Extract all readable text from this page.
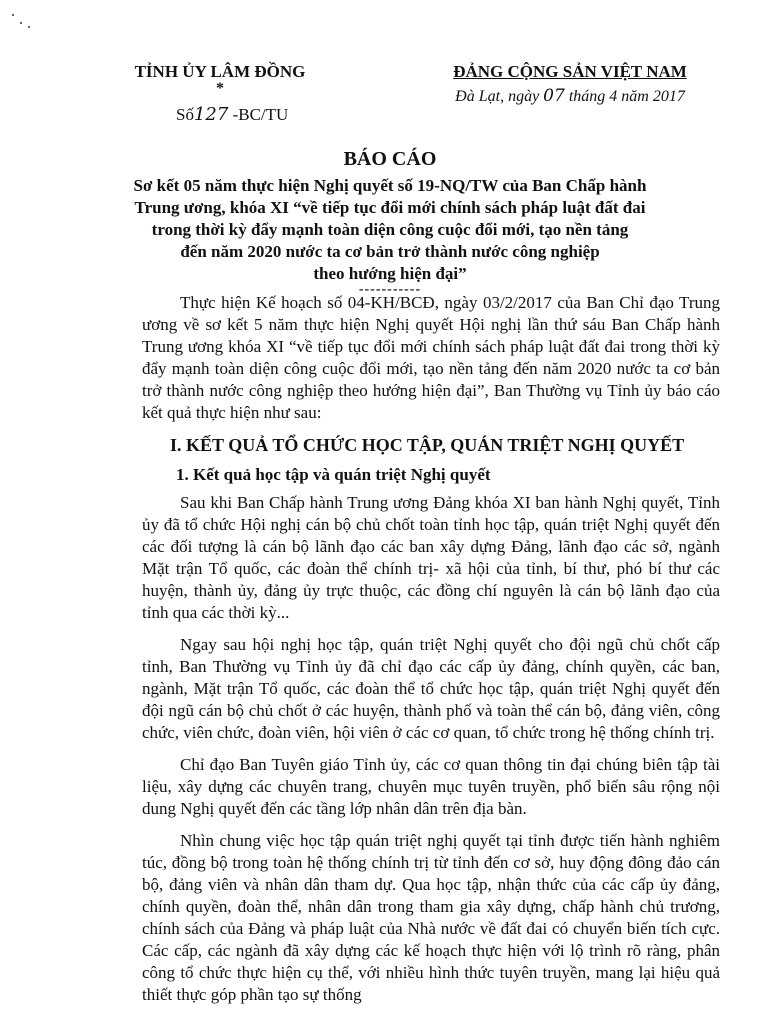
TỈNH ỦY LÂM ĐỒNG
*
Số127 -BC/TU
ĐẢNG CỘNG SẢN VIỆT NAM
Đà Lạt, ngày 07 tháng 4 năm 2017
BÁO CÁO
Sơ kết 05 năm thực hiện Nghị quyết số 19-NQ/TW của Ban Chấp hành
Trung ương, khóa XI “về tiếp tục đổi mới chính sách pháp luật đất đai
trong thời kỳ đẩy mạnh toàn diện công cuộc đổi mới, tạo nền tảng
đến năm 2020 nước ta cơ bản trở thành nước công nghiệp
theo hướng hiện đại”
-----------

Thực hiện Kế hoạch số 04-KH/BCĐ, ngày 03/2/2017 của Ban Chỉ đạo Trung ương về sơ kết 5 năm thực hiện Nghị quyết Hội nghị lần thứ sáu Ban Chấp hành Trung ương khóa XI “về tiếp tục đổi mới chính sách pháp luật đất đai trong thời kỳ đẩy mạnh toàn diện công cuộc đổi mới, tạo nền tảng đến năm 2020 nước ta cơ bản trở thành nước công nghiệp theo hướng hiện đại”, Ban Thường vụ Tỉnh ủy báo cáo kết quả thực hiện như sau:

I. KẾT QUẢ TỔ CHỨC HỌC TẬP, QUÁN TRIỆT NGHỊ QUYẾT
1. Kết quả học tập và quán triệt Nghị quyết

Sau khi Ban Chấp hành Trung ương Đảng khóa XI ban hành Nghị quyết, Tỉnh ủy đã tổ chức Hội nghị cán bộ chủ chốt toàn tỉnh học tập, quán triệt Nghị quyết đến các đối tượng là cán bộ lãnh đạo các ban xây dựng Đảng, lãnh đạo các sở, ngành Mặt trận Tổ quốc, các đoàn thể chính trị- xã hội của tỉnh, bí thư, phó bí thư các huyện, thành ủy, đảng ủy trực thuộc, các đồng chí nguyên là cán bộ lãnh đạo của tỉnh qua các thời kỳ...

Ngay sau hội nghị học tập, quán triệt Nghị quyết cho đội ngũ chủ chốt cấp tỉnh, Ban Thường vụ Tỉnh ủy đã chỉ đạo các cấp ủy đảng, chính quyền, các ban, ngành, Mặt trận Tổ quốc, các đoàn thể tổ chức học tập, quán triệt Nghị quyết đến đội ngũ cán bộ chủ chốt ở các huyện, thành phố và toàn thể cán bộ, đảng viên, công chức, viên chức, đoàn viên, hội viên ở các cơ quan, tổ chức trong hệ thống chính trị.

Chỉ đạo Ban Tuyên giáo Tỉnh ủy, các cơ quan thông tin đại chúng biên tập tài liệu, xây dựng các chuyên trang, chuyên mục tuyên truyền, phổ biến sâu rộng nội dung Nghị quyết đến các tầng lớp nhân dân trên địa bàn.

Nhìn chung việc học tập quán triệt nghị quyết tại tỉnh được tiến hành nghiêm túc, đồng bộ trong toàn hệ thống chính trị từ tỉnh đến cơ sở, huy động đông đảo cán bộ, đảng viên và nhân dân tham dự. Qua học tập, nhận thức của các cấp ủy đảng, chính quyền, đoàn thể, nhân dân trong tham gia xây dựng, chấp hành chủ trương, chính sách của Đảng và pháp luật của Nhà nước về đất đai có chuyển biến tích cực. Các cấp, các ngành đã xây dựng các kế hoạch thực hiện với lộ trình rõ ràng, phân công tổ chức thực hiện cụ thể, với nhiều hình thức tuyên truyền, mang lại hiệu quả thiết thực góp phần tạo sự thống
